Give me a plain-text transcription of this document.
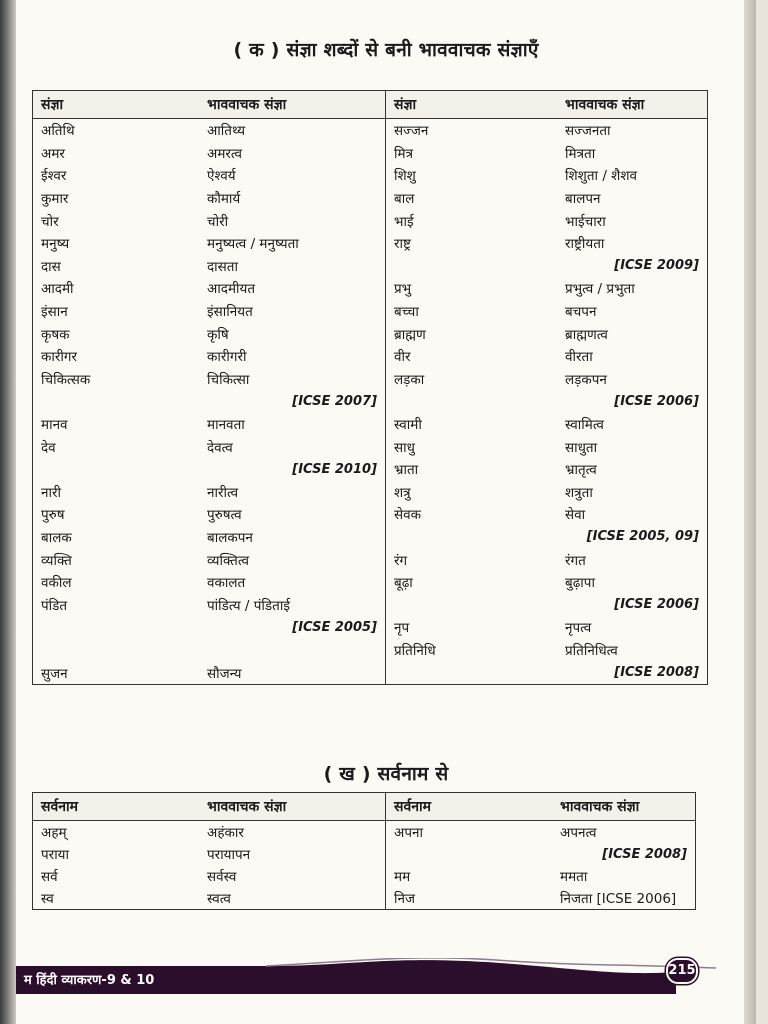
( क ) संज्ञा शब्दों से बनी भाववाचक संज्ञाएँ
संज्ञा	भाववाचक संज्ञा	संज्ञा	भाववाचक संज्ञा
अतिथि	आतिथ्य	सज्जन	सज्जनता
अमर	अमरत्व	मित्र	मित्रता
ईश्वर	ऐश्वर्य	शिशु	शिशुता / शैशव
कुमार	कौमार्य	बाल	बालपन
चोर	चोरी	भाई	भाईचारा
मनुष्य	मनुष्यत्व / मनुष्यता	राष्ट्र	राष्ट्रीयता
दास	दासता		[ICSE 2009]
आदमी	आदमीयत	प्रभु	प्रभुत्व / प्रभुता
इंसान	इंसानियत	बच्चा	बचपन
कृषक	कृषि	ब्राह्मण	ब्राह्मणत्व
कारीगर	कारीगरी	वीर	वीरता
चिकित्सक	चिकित्सा	लड़का	लड़कपन
	[ICSE 2007]		[ICSE 2006]
मानव	मानवता	स्वामी	स्वामित्व
देव	देवत्व	साधु	साधुता
	[ICSE 2010]	भ्राता	भ्रातृत्व
नारी	नारीत्व	शत्रु	शत्रुता
पुरुष	पुरुषत्व	सेवक	सेवा
बालक	बालकपन		[ICSE 2005, 09]
व्यक्ति	व्यक्तित्व	रंग	रंगत
वकील	वकालत	बूढ़ा	बुढ़ापा
पंडित	पांडित्य / पंडिताई		[ICSE 2006]
	[ICSE 2005]	नृप	नृपत्व
		प्रतिनिधि	प्रतिनिधित्व
सुजन	सौजन्य		[ICSE 2008]
( ख ) सर्वनाम से
सर्वनाम	भाववाचक संज्ञा	सर्वनाम	भाववाचक संज्ञा
अहम्	अहंकार	अपना	अपनत्व
पराया	परायापन		[ICSE 2008]
सर्व	सर्वस्व	मम	ममता
स्व	स्वत्व	निज	निजता [ICSE 2006]
म हिंदी व्याकरण-9 & 10
215
